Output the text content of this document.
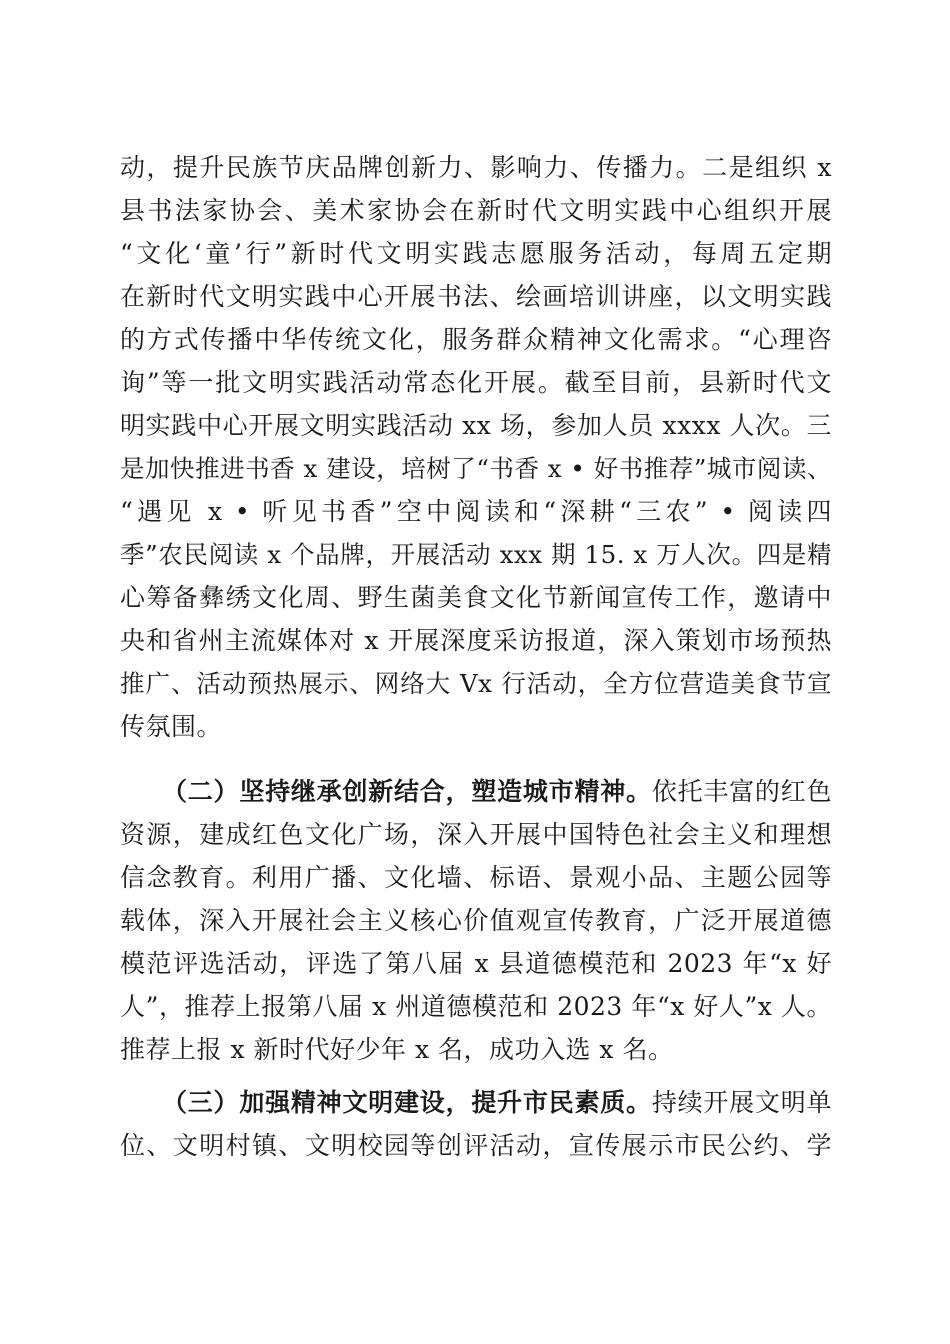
动，提升民族节庆品牌创新力、影响力、传播力。二是组织 x
县书法家协会、美术家协会在新时代文明实践中心组织开展
“文化‘童’行”新时代文明实践志愿服务活动，每周五定期
在新时代文明实践中心开展书法、绘画培训讲座，以文明实践
的方式传播中华传统文化，服务群众精神文化需求。“心理咨
询”等一批文明实践活动常态化开展。截至目前，县新时代文
明实践中心开展文明实践活动 xx 场，参加人员 xxxx 人次。三
是加快推进书香 x 建设，培树了“书香 x • 好书推荐”城市阅读、
“遇见 x • 听见书香”空中阅读和“深耕“三农” • 阅读四
季”农民阅读 x 个品牌，开展活动 xxx 期 15. x 万人次。四是精
心筹备彝绣文化周、野生菌美食文化节新闻宣传工作，邀请中
央和省州主流媒体对 x 开展深度采访报道，深入策划市场预热
推广、活动预热展示、网络大 Vx 行活动，全方位营造美食节宣
传氛围。
（二）坚持继承创新结合，塑造城市精神。依托丰富的红色
资源，建成红色文化广场，深入开展中国特色社会主义和理想
信念教育。利用广播、文化墙、标语、景观小品、主题公园等
载体，深入开展社会主义核心价值观宣传教育，广泛开展道德
模范评选活动，评选了第八届 x 县道德模范和 2023 年“x 好
人”，推荐上报第八届 x 州道德模范和 2023 年“x 好人”x 人。
推荐上报 x 新时代好少年 x 名，成功入选 x 名。
（三）加强精神文明建设，提升市民素质。持续开展文明单
位、文明村镇、文明校园等创评活动，宣传展示市民公约、学
